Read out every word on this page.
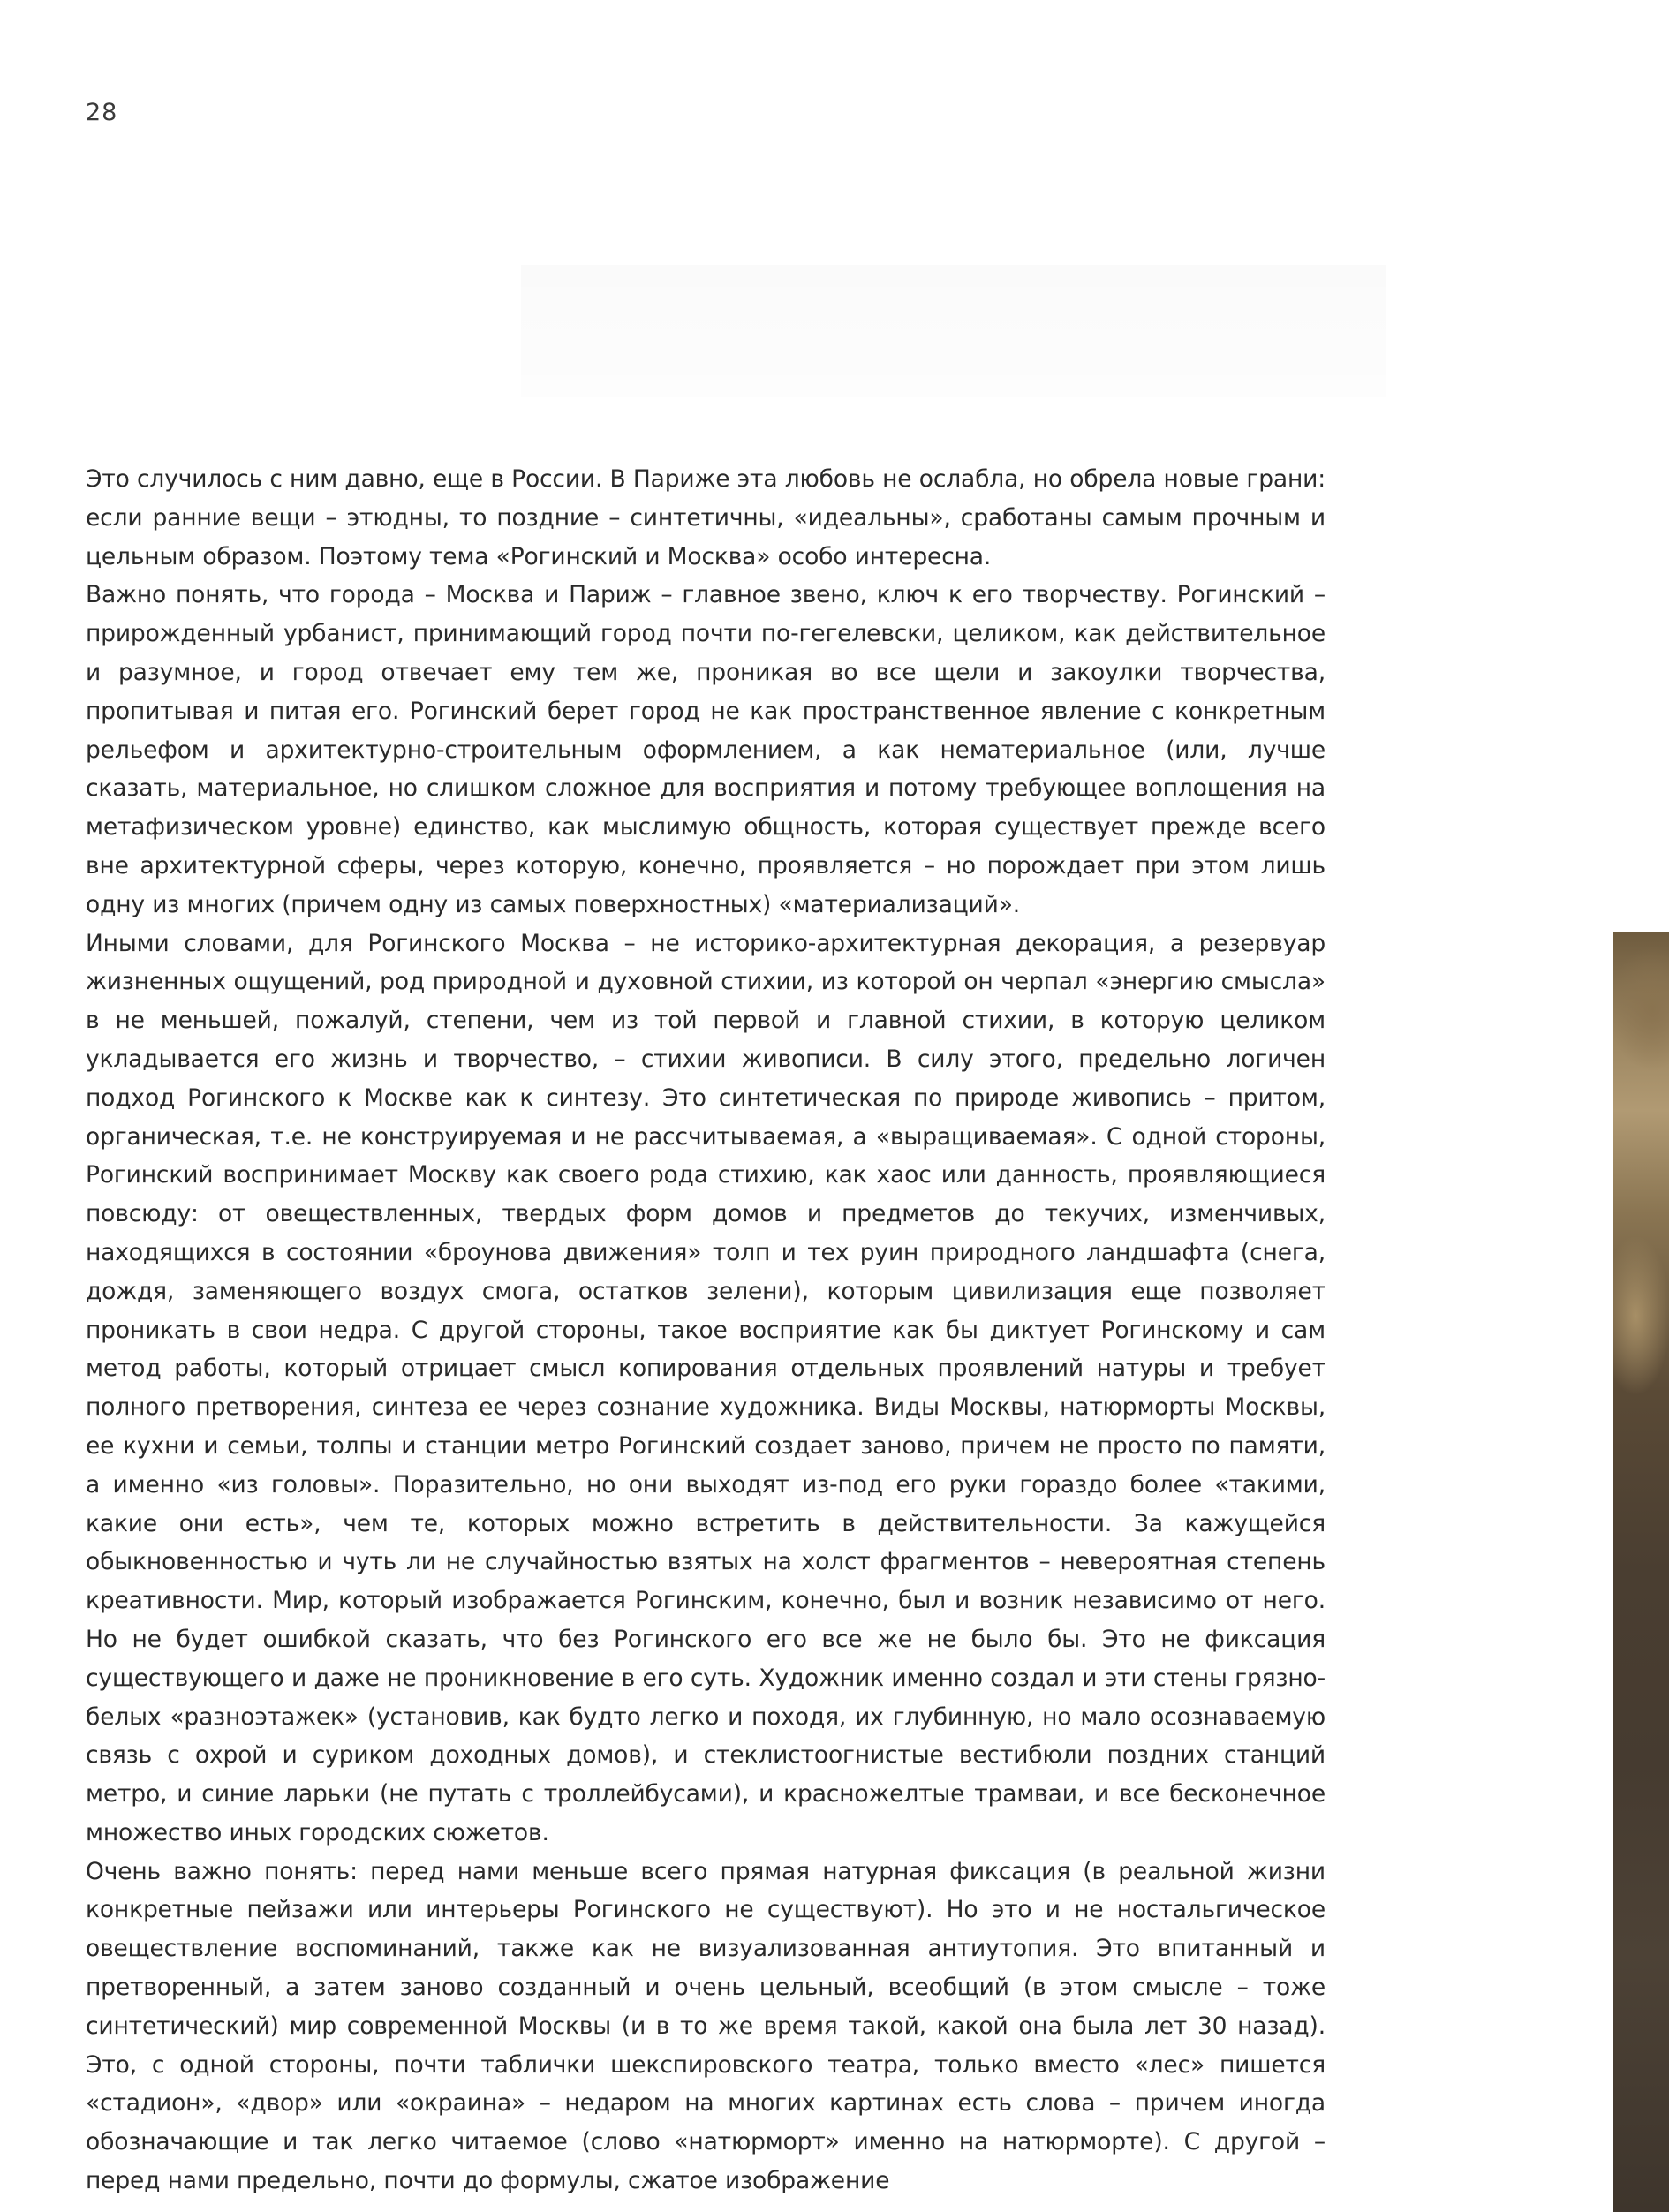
28

Это случилось с ним давно, еще в России. В Париже эта любовь не ослабла, но обрела новые грани: если ранние вещи – этюдны, то поздние – синтетичны, «идеальны», сработаны самым прочным и цельным образом. Поэтому тема «Рогинский и Москва» особо интересна.

Важно понять, что города – Москва и Париж – главное звено, ключ к его творчеству. Рогинский – прирожденный урбанист, принимающий город почти по-гегелевски, целиком, как действительное и разумное, и город отвечает ему тем же, проникая во все щели и закоулки творчества, пропитывая и питая его. Рогинский берет город не как пространственное явление с конкретным рельефом и архитектурно-строительным оформлением, а как нематериальное (или, лучше сказать, материальное, но слишком сложное для восприятия и потому требующее воплощения на метафизическом уровне) единство, как мыслимую общность, которая существует прежде всего вне архитектурной сферы, через которую, конечно, проявляется – но порождает при этом лишь одну из многих (причем одну из самых поверхностных) «материализаций».

Иными словами, для Рогинского Москва – не историко-архитектурная декорация, а резервуар жизненных ощущений, род природной и духовной стихии, из которой он черпал «энергию смысла» в не меньшей, пожалуй, степени, чем из той первой и главной стихии, в которую целиком укладывается его жизнь и творчество, – стихии живописи. В силу этого, предельно логичен подход Рогинского к Москве как к синтезу. Это синтетическая по природе живопись – притом, органическая, т.е. не конструируемая и не рассчитываемая, а «выращиваемая». С одной стороны, Рогинский воспринимает Москву как своего рода стихию, как хаос или данность, проявляющиеся повсюду: от овеществленных, твердых форм домов и предметов до текучих, изменчивых, находящихся в состоянии «броунова движения» толп и тех руин природного ландшафта (снега, дождя, заменяющего воздух смога, остатков зелени), которым цивилизация еще позволяет проникать в свои недра. С другой стороны, такое восприятие как бы диктует Рогинскому и сам метод работы, который отрицает смысл копирования отдельных проявлений натуры и требует полного претворения, синтеза ее через сознание художника. Виды Москвы, натюрморты Москвы, ее кухни и семьи, толпы и станции метро Рогинский создает заново, причем не просто по памяти, а именно «из головы». Поразительно, но они выходят из-под его руки гораздо более «такими, какие они есть», чем те, которых можно встретить в действительности. За кажущейся обыкновенностью и чуть ли не случайностью взятых на холст фрагментов – невероятная степень креативности. Мир, который изображается Рогинским, конечно, был и возник независимо от него. Но не будет ошибкой сказать, что без Рогинского его все же не было бы. Это не фиксация существующего и даже не проникновение в его суть. Художник именно создал и эти стены грязно-белых «разноэтажек» (установив, как будто легко и походя, их глубинную, но мало осознаваемую связь с охрой и суриком доходных домов), и стеклистоогнистые вестибюли поздних станций метро, и синие ларьки (не путать с троллейбусами), и красножелтые трамваи, и все бесконечное множество иных городских сюжетов.

Очень важно понять: перед нами меньше всего прямая натурная фиксация (в реальной жизни конкретные пейзажи или интерьеры Рогинского не существуют). Но это и не ностальгическое овеществление воспоминаний, также как не визуализованная антиутопия. Это впитанный и претворенный, а затем заново созданный и очень цельный, всеобщий (в этом смысле – тоже синтетический) мир современной Москвы (и в то же время такой, какой она была лет 30 назад). Это, с одной стороны, почти таблички шекспировского театра, только вместо «лес» пишется «стадион», «двор» или «окраина» – недаром на многих картинах есть слова – причем иногда обозначающие и так легко читаемое (слово «натюрморт» именно на натюрморте). С другой – перед нами предельно, почти до формулы, сжатое изображение
